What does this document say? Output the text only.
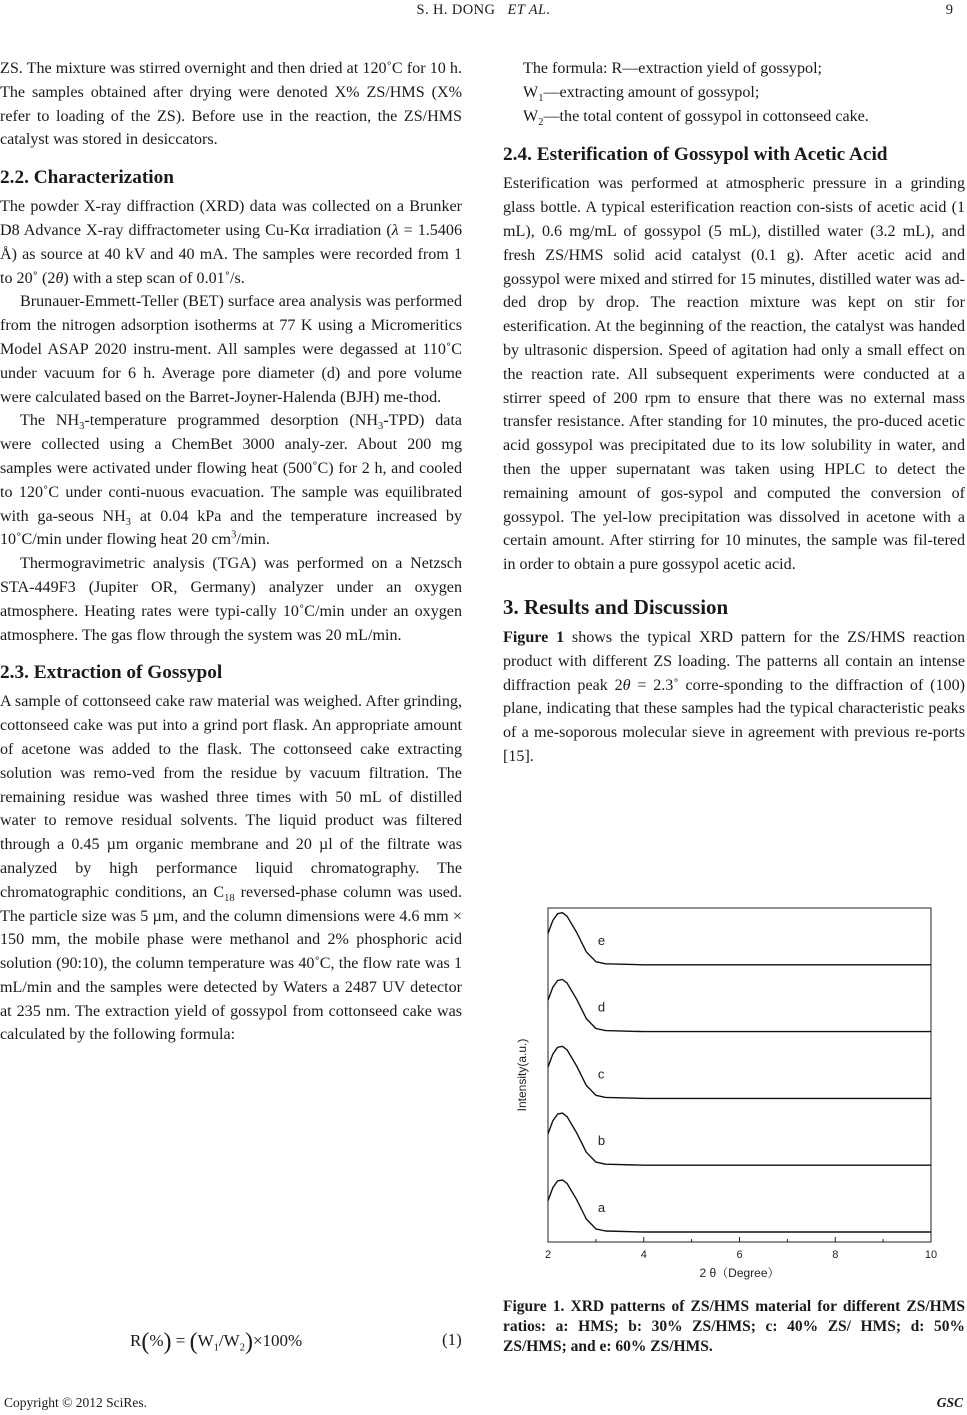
S. H. DONG ET AL.	9

ZS. The mixture was stirred overnight and then dried at 120˚C for 10 h. The samples obtained after drying were denoted X% ZS/HMS (X% refer to loading of the ZS). Before use in the reaction, the ZS/HMS catalyst was stored in desiccators.

2.2. Characterization

The powder X-ray diffraction (XRD) data was collected on a Brunker D8 Advance X-ray diffractometer using Cu-Kα irradiation (λ = 1.5406 Å) as source at 40 kV and 40 mA. The samples were recorded from 1 to 20˚ (2θ) with a step scan of 0.01˚/s.

Brunauer-Emmett-Teller (BET) surface area analysis was performed from the nitrogen adsorption isotherms at 77 K using a Micromeritics Model ASAP 2020 instru-ment. All samples were degassed at 110˚C under vacuum for 6 h. Average pore diameter (d) and pore volume were calculated based on the Barret-Joyner-Halenda (BJH) me-thod.

The $NH_3$-temperature programmed desorption $(NH_3-TPD)$ data were collected using a ChemBet 3000 analy-zer. About 200 mg samples were activated under flowing heat (500˚C) for 2 h, and cooled to 120˚C under conti-nuous evacuation. The sample was equilibrated with ga-seous $NH_3$ at 0.04 kPa and the temperature increased by 10˚C/min under flowing heat 20 $cm^3/\min$.

Thermogravimetric analysis (TGA) was performed on a Netzsch STA-449F3 (Jupiter OR, Germany) analyzer under an oxygen atmosphere. Heating rates were typi-cally 10˚C/min under an oxygen atmosphere. The gas flow through the system was 20 mL/min.

2.3. Extraction of Gossypol

A sample of cottonseed cake raw material was weighed. After grinding, cottonseed cake was put into a grind port flask. An appropriate amount of acetone was added to the flask. The cottonseed cake extracting solution was remo-ved from the residue by vacuum filtration. The remaining residue was washed three times with 50 mL of distilled water to remove residual solvents. The liquid product was filtered through a 0.45 µm organic membrane and 20 µl of the filtrate was analyzed by high performance liquid chromatography. The chromatographic conditions, an $C_{18}$ reversed-phase column was used. The particle size was 5 µm, and the column dimensions were 4.6 mm × 150 mm, the mobile phase were methanol and 2% phosphoric acid solution (90:10), the column temperature was 40˚C, the flow rate was 1 mL/min and the samples were detected by Waters a 2487 UV detector at 235 nm. The extraction yield of gossypol from cottonseed cake was calculated by the following formula:

$R(\%) = (W_1/W_2)\times 100\%$	(1)
The formula: R—extraction yield of gossypol;
$W_1—extracting$ amount of gossypol;
$W_2—the$ total content of gossypol in cottonseed cake.
2.4. Esterification of Gossypol with Acetic Acid

Esterification was performed at atmospheric pressure in a grinding glass bottle. A typical esterification reaction con-sists of acetic acid (1 mL), 0.6 mg/mL of gossypol (5 mL), distilled water (3.2 mL), and fresh ZS/HMS solid acid catalyst (0.1 g). After acetic acid and gossypol were mixed and stirred for 15 minutes, distilled water was ad-ded drop by drop. The reaction mixture was kept on stir for esterification. At the beginning of the reaction, the catalyst was handed by ultrasonic dispersion. Speed of agitation had only a small effect on the reaction rate. All subsequent experiments were conducted at a stirrer speed of 200 rpm to ensure that there was no external mass transfer resistance. After standing for 10 minutes, the pro-duced acetic acid gossypol was precipitated due to its low solubility in water, and then the upper supernatant was taken using HPLC to detect the remaining amount of gos-sypol and computed the conversion of gossypol. The yel-low precipitation was dissolved in acetone with a certain amount. After stirring for 10 minutes, the sample was fil-tered in order to obtain a pure gossypol acetic acid.

3. Results and Discussion

Figure 1 shows the typical XRD pattern for the ZS/HMS reaction product with different ZS loading. The patterns all contain an intense diffraction peak 2θ = 2.3˚ corre-sponding to the diffraction of (100) plane, indicating that these samples had the typical characteristic peaks of a me-soporous molecular sieve in agreement with previous re-ports [15].

2	4	6	8	10
2 θ（Degree）
Intensity(a.u.)
a
b
c
d
e
Figure 1. XRD patterns of ZS/HMS material for different ZS/HMS ratios: a: HMS; b: 30% ZS/HMS; c: 40% ZS/ HMS; d: 50% ZS/HMS; and e: 60% ZS/HMS.
Copyright © 2012 SciRes.	GSC
